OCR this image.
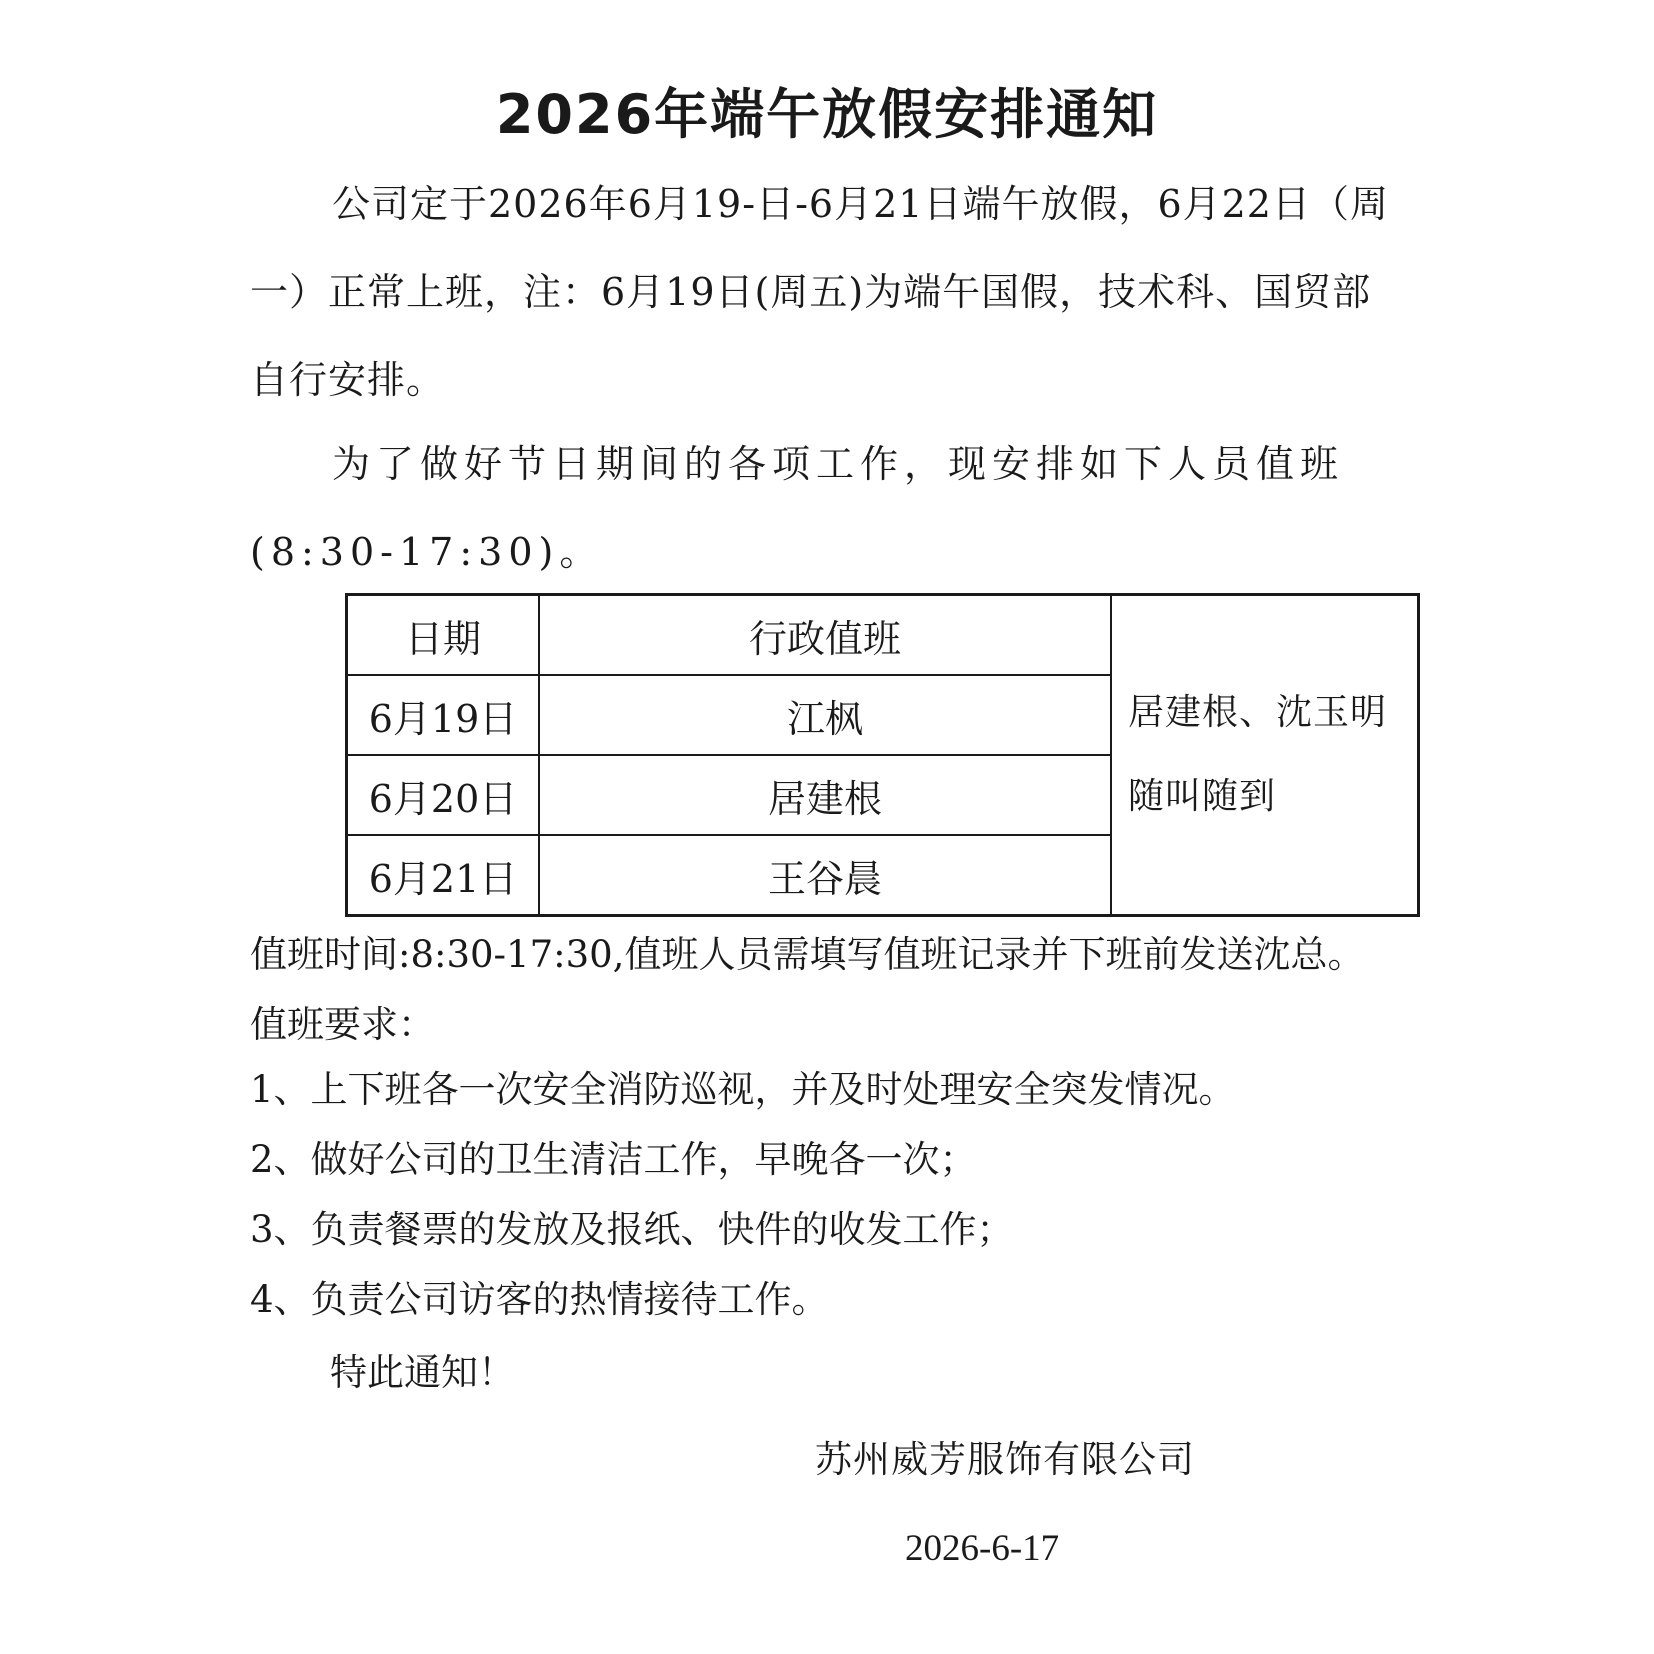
2026年端午放假安排通知
公司定于2026年6月19-日-6月21日端午放假，6月22日（周一）正常上班，注：6月19日(周五)为端午国假，技术科、国贸部自行安排。
为了做好节日期间的各项工作，现安排如下人员值班(8:30-17:30)。
日期	行政值班	居建根、沈玉明随叫随到
6月19日	江枫	
6月20日	居建根	
6月21日	王谷晨	
值班时间:8:30-17:30,值班人员需填写值班记录并下班前发送沈总。
值班要求：
1、上下班各一次安全消防巡视，并及时处理安全突发情况。
2、做好公司的卫生清洁工作，早晚各一次；
3、负责餐票的发放及报纸、快件的收发工作；
4、负责公司访客的热情接待工作。
特此通知！
苏州威芳服饰有限公司
2026-6-17
